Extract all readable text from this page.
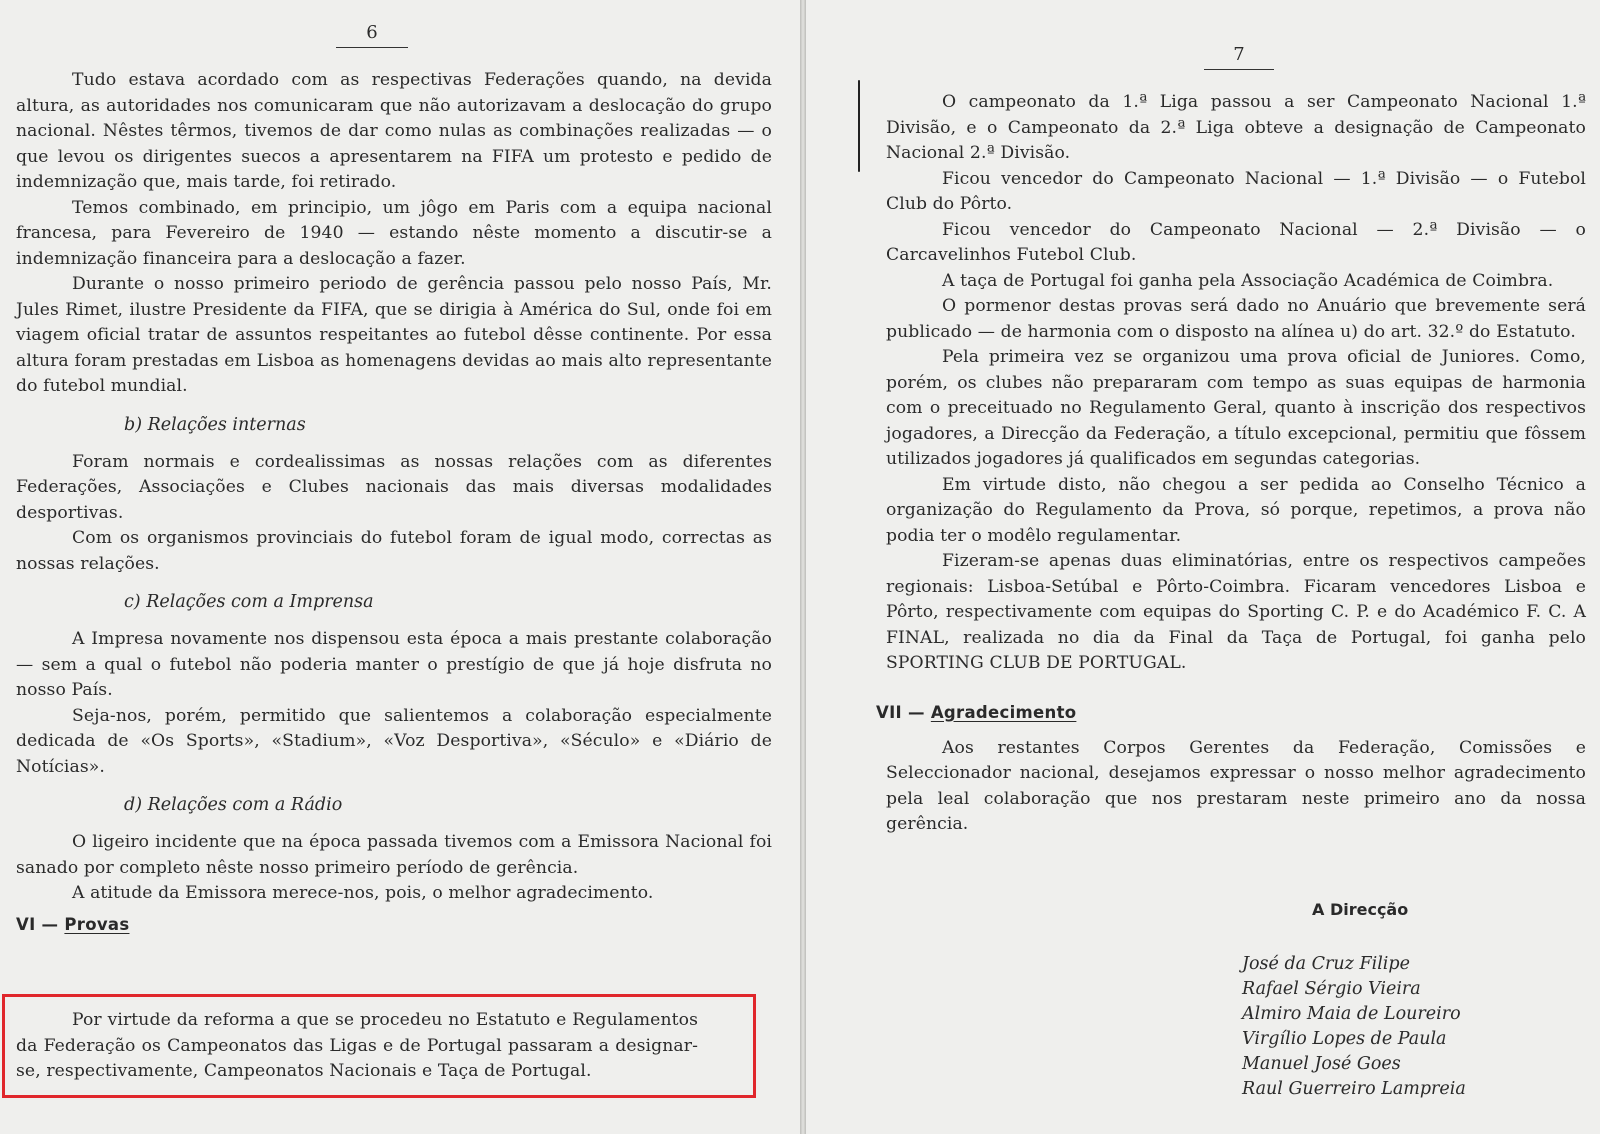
6

Tudo estava acordado com as respectivas Federações quando, na devida altura, as autoridades nos comunicaram que não autorizavam a deslocação do grupo nacional. Nêstes têrmos, tivemos de dar como nulas as combinações realizadas — o que levou os dirigentes suecos a apresentarem na FIFA um protesto e pedido de indemnização que, mais tarde, foi retirado.

Temos combinado, em principio, um jôgo em Paris com a equipa nacional francesa, para Fevereiro de 1940 — estando nêste momento a discutir-se a indemnização financeira para a deslocação a fazer.

Durante o nosso primeiro periodo de gerência passou pelo nosso País, Mr. Jules Rimet, ilustre Presidente da FIFA, que se dirigia à América do Sul, onde foi em viagem oficial tratar de assuntos respeitantes ao futebol dêsse continente. Por essa altura foram prestadas em Lisboa as homenagens devidas ao mais alto representante do futebol mundial.

b) Relações internas

Foram normais e cordealissimas as nossas relações com as diferentes Federações, Associações e Clubes nacionais das mais diversas modalidades desportivas.

Com os organismos provinciais do futebol foram de igual modo, correctas as nossas relações.

c) Relações com a Imprensa

A Impresa novamente nos dispensou esta época a mais prestante colaboração — sem a qual o futebol não poderia manter o prestígio de que já hoje disfruta no nosso País.

Seja-nos, porém, permitido que salientemos a colaboração especialmente dedicada de «Os Sports», «Stadium», «Voz Desportiva», «Século» e «Diário de Notícias».

d) Relações com a Rádio

O ligeiro incidente que na época passada tivemos com a Emissora Nacional foi sanado por completo nêste nosso primeiro período de gerência.

A atitude da Emissora merece-nos, pois, o melhor agradecimento.

VI — Provas

Por virtude da reforma a que se procedeu no Estatuto e Regulamentos da Federação os Campeonatos das Ligas e de Portugal passaram a designar-se, respectivamente, Campeonatos Nacionais e Taça de Portugal.

7

O campeonato da 1.ª Liga passou a ser Campeonato Nacional 1.ª Divisão, e o Campeonato da 2.ª Liga obteve a designação de Campeonato Nacional 2.ª Divisão.

Ficou vencedor do Campeonato Nacional — 1.ª Divisão — o Futebol Club do Pôrto.

Ficou vencedor do Campeonato Nacional — 2.ª Divisão — o Carcavelinhos Futebol Club.

A taça de Portugal foi ganha pela Associação Académica de Coimbra.

O pormenor destas provas será dado no Anuário que brevemente será publicado — de harmonia com o disposto na alínea u) do art. 32.º do Estatuto.

Pela primeira vez se organizou uma prova oficial de Juniores. Como, porém, os clubes não prepararam com tempo as suas equipas de harmonia com o preceituado no Regulamento Geral, quanto à inscrição dos respectivos jogadores, a Direcção da Federação, a título excepcional, permitiu que fôssem utilizados jogadores já qualificados em segundas categorias.

Em virtude disto, não chegou a ser pedida ao Conselho Técnico a organização do Regulamento da Prova, só porque, repetimos, a prova não podia ter o modêlo regulamentar.

Fizeram-se apenas duas eliminatórias, entre os respectivos campeões regionais: Lisboa-Setúbal e Pôrto-Coimbra. Ficaram vencedores Lisboa e Pôrto, respectivamente com equipas do Sporting C. P. e do Académico F. C. A FINAL, realizada no dia da Final da Taça de Portugal, foi ganha pelo SPORTING CLUB DE PORTUGAL.

VII — Agradecimento

Aos restantes Corpos Gerentes da Federação, Comissões e Seleccionador nacional, desejamos expressar o nosso melhor agradecimento pela leal colaboração que nos prestaram neste primeiro ano da nossa gerência.

A Direcção
José da Cruz Filipe
Rafael Sérgio Vieira
Almiro Maia de Loureiro
Virgílio Lopes de Paula
Manuel José Goes
Raul Guerreiro Lampreia
